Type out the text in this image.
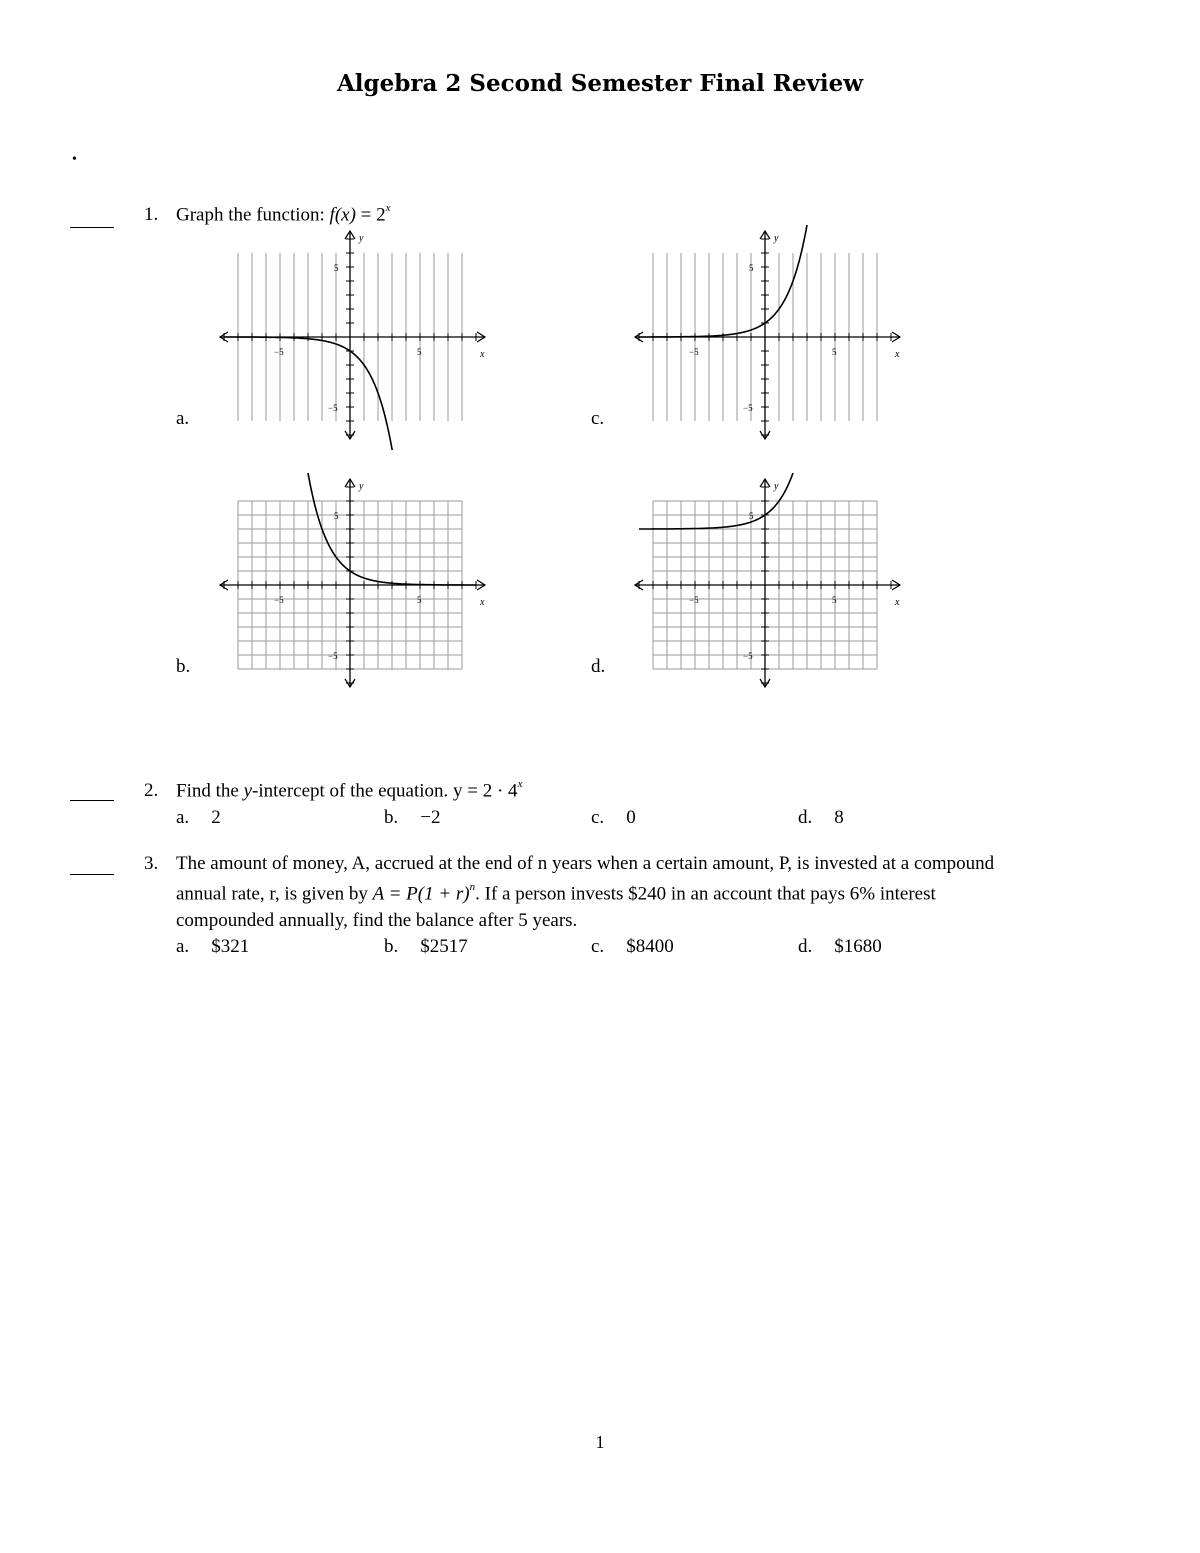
Algebra 2 Second Semester Final Review
•
1. Graph the function: $f(x) = 2^x$
a.	c.
b.	d.
−5	5	x
5
−5
y
−5	5	x
5
−5
y
−5	5	x
5
−5
y
−5	5	x
5
−5
y
2. Find the y-intercept of the equation. $y = 2 \cdot 4^x$
a. 2	b. −2	c. 0	d. 8
3. The amount of money, A, accrued at the end of n years when a certain amount, P, is invested at a compound
annual rate, r, is given by $A = P(1 + r)^n$. If a person invests $240 in an account that pays 6% interest
compounded annually, find the balance after 5 years.
a. $321	b. $2517	c. $8400	d. $1680
1
